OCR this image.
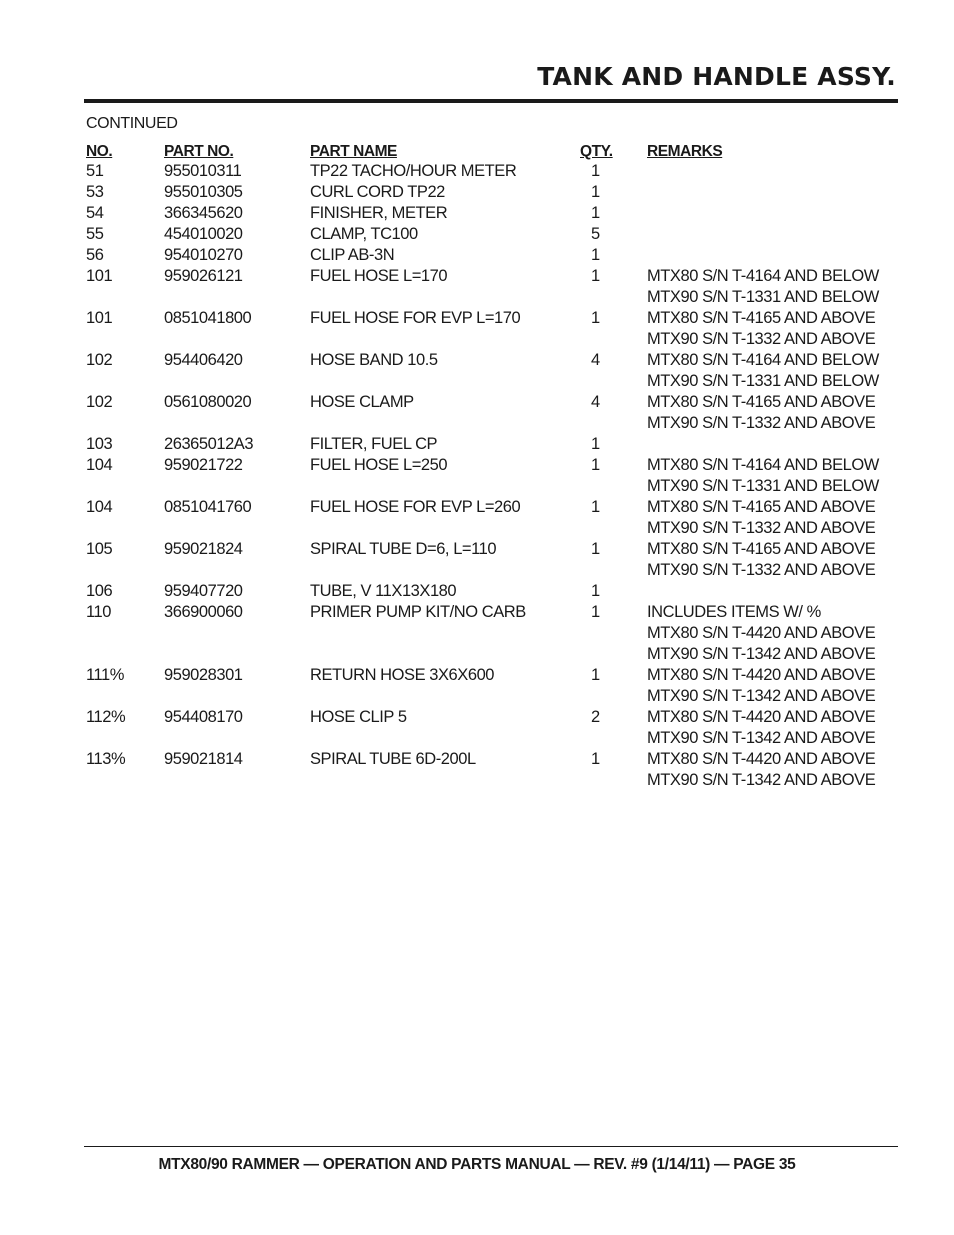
TANK AND HANDLE ASSY.
CONTINUED
NO.	PART NO.	PART NAME	QTY. REMARKS
51	955010311	TP22 TACHO/HOUR METER	1
53	955010305	CURL CORD TP22	1
54	366345620	FINISHER, METER	1
55	454010020	CLAMP, TC100	5
56	954010270	CLIP AB-3N	1
101	959026121	FUEL HOSE L=170	1	MTX80 S/N T-4164 AND BELOW
MTX90 S/N T-1331 AND BELOW
101	0851041800	FUEL HOSE FOR EVP L=170	1	MTX80 S/N T-4165 AND ABOVE
MTX90 S/N T-1332 AND ABOVE
102	954406420	HOSE BAND 10.5	4	MTX80 S/N T-4164 AND BELOW
MTX90 S/N T-1331 AND BELOW
102	0561080020	HOSE CLAMP	4	MTX80 S/N T-4165 AND ABOVE
MTX90 S/N T-1332 AND ABOVE
103	26365012A3	FILTER, FUEL CP	1
104	959021722	FUEL HOSE L=250	1	MTX80 S/N T-4164 AND BELOW
MTX90 S/N T-1331 AND BELOW
104	0851041760	FUEL HOSE FOR EVP L=260	1	MTX80 S/N T-4165 AND ABOVE
MTX90 S/N T-1332 AND ABOVE
105	959021824	SPIRAL TUBE D=6, L=110	1	MTX80 S/N T-4165 AND ABOVE
MTX90 S/N T-1332 AND ABOVE
106	959407720	TUBE, V 11X13X180	1
110	366900060	PRIMER PUMP KIT/NO CARB	1	INCLUDES ITEMS W/ %
MTX80 S/N T-4420 AND ABOVE
MTX90 S/N T-1342 AND ABOVE
111% 959028301	RETURN HOSE 3X6X600	1	MTX80 S/N T-4420 AND ABOVE
MTX90 S/N T-1342 AND ABOVE
112% 954408170	HOSE CLIP 5	2	MTX80 S/N T-4420 AND ABOVE
MTX90 S/N T-1342 AND ABOVE
113% 959021814	SPIRAL TUBE 6D-200L	1	MTX80 S/N T-4420 AND ABOVE
MTX90 S/N T-1342 AND ABOVE
MTX80/90 RAMMER — OPERATION AND PARTS MANUAL — REV. #9 (1/14/11) — PAGE 35
